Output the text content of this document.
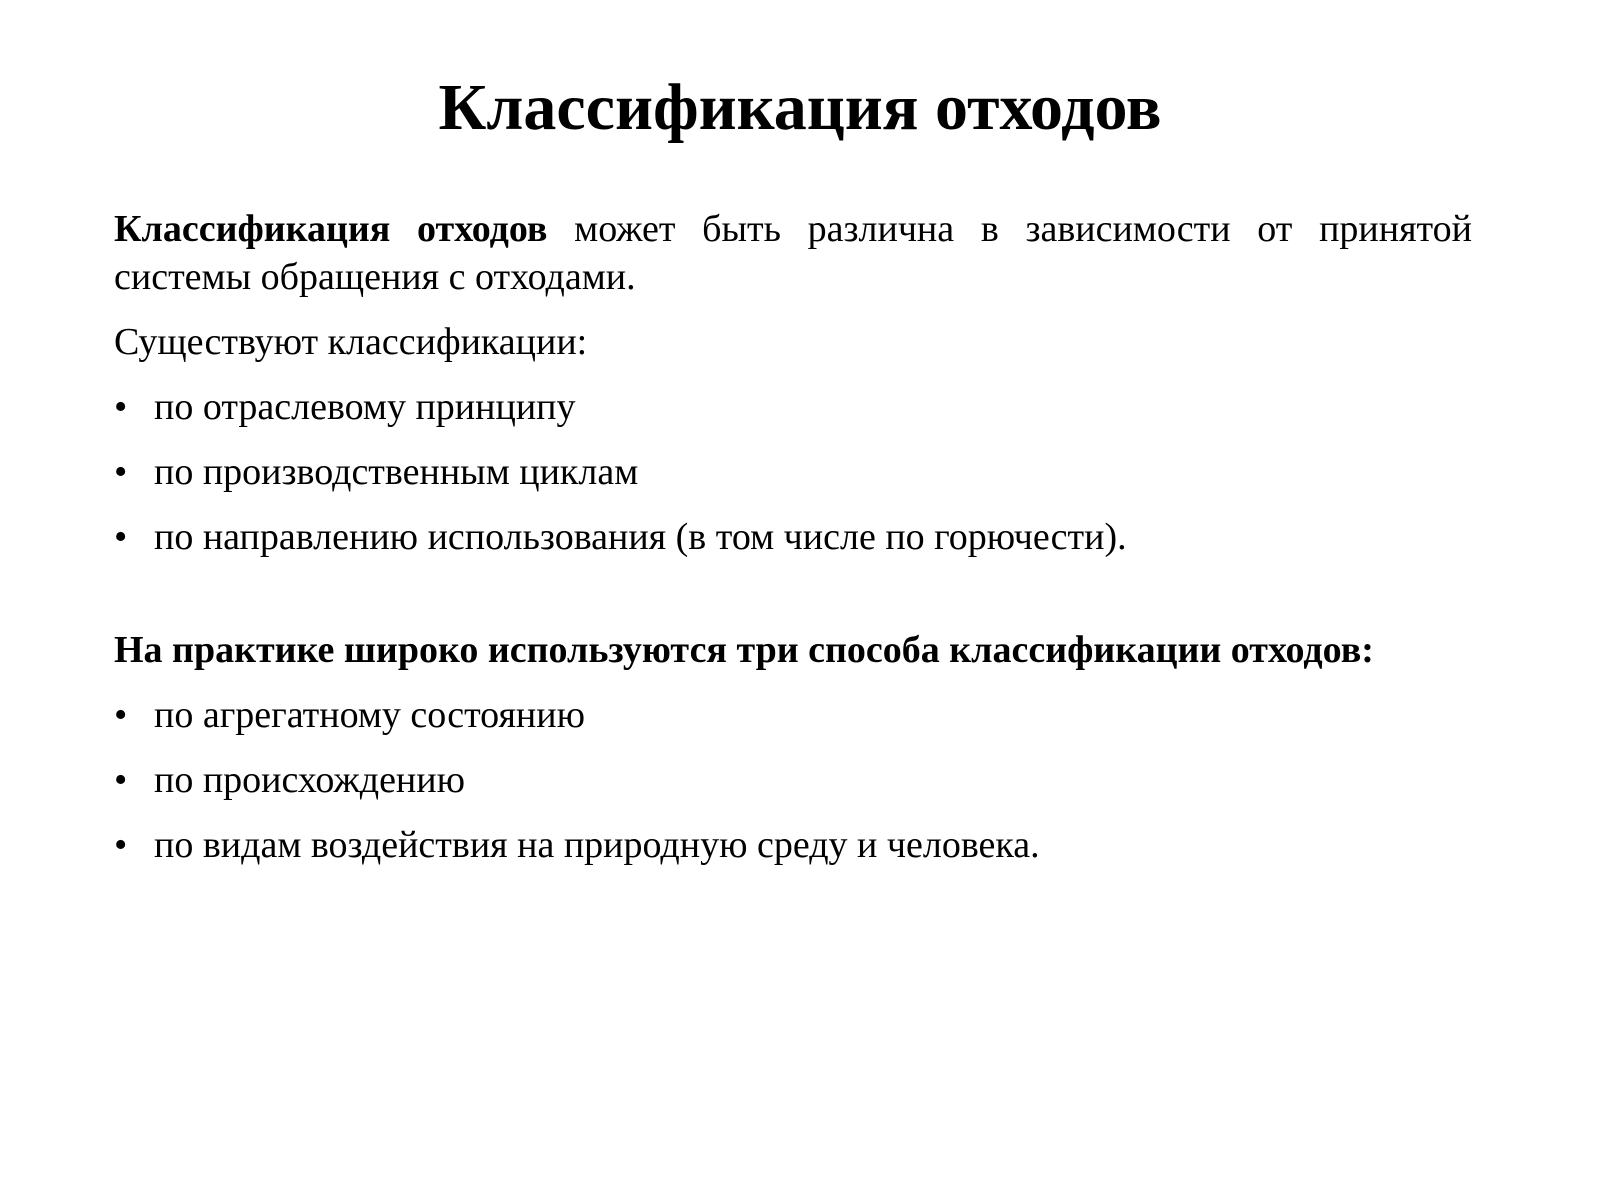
Классификация отходов

Классификация отходов может быть различна в зависимости от принятой системы обращения с отходами.

Существуют классификации:

• по отраслевому принципу
• по производственным циклам
• по направлению использования (в том числе по горючести).

На практике широко используются три способа классификации отходов:

• по агрегатному состоянию
• по происхождению
• по видам воздействия на природную среду и человека.
